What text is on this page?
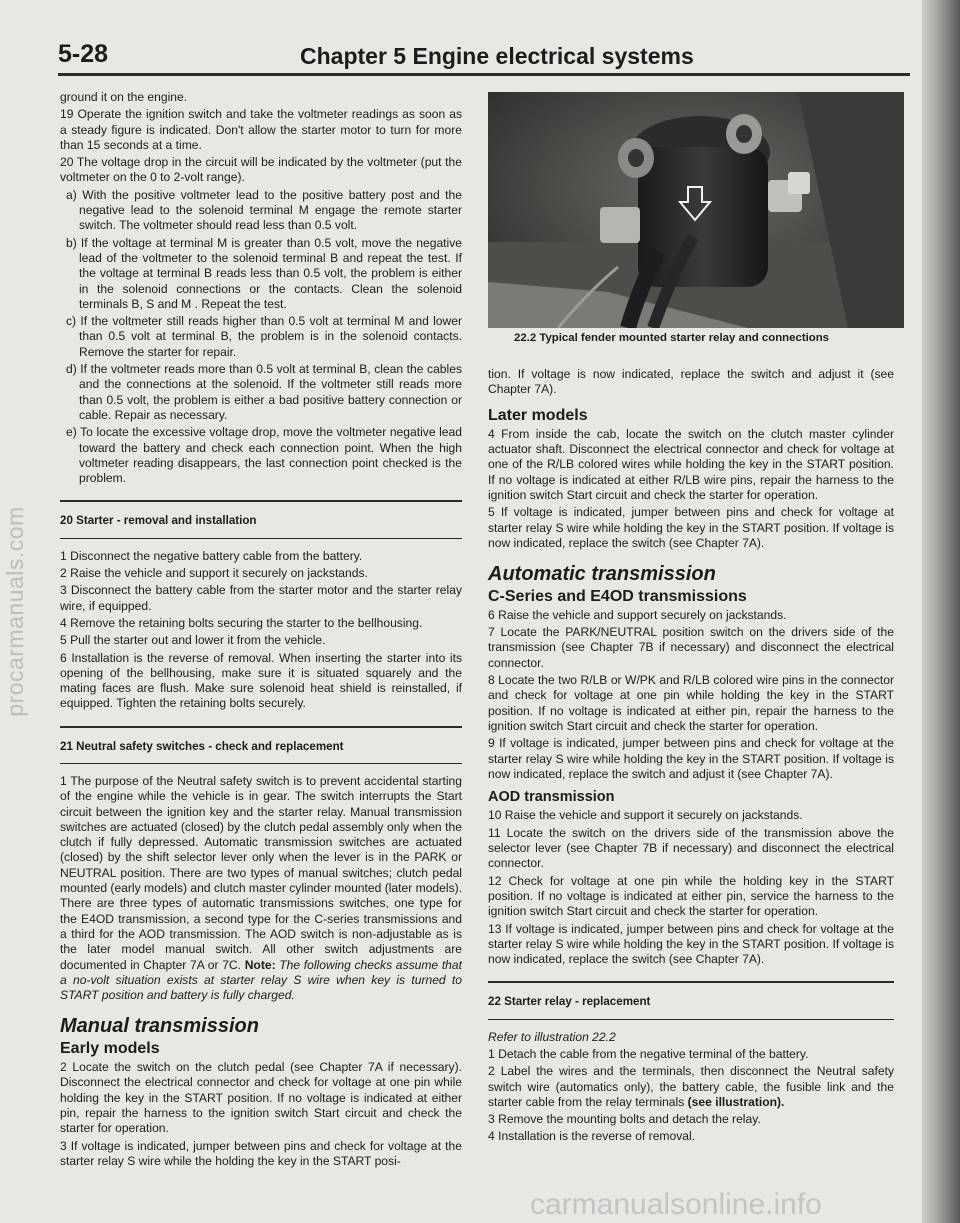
procarmanuals.com
5-28	Chapter 5 Engine electrical systems

ground it on the engine.

19 Operate the ignition switch and take the voltmeter readings as soon as a steady figure is indicated. Don't allow the starter motor to turn for more than 15 seconds at a time.

20 The voltage drop in the circuit will be indicated by the voltmeter (put the voltmeter on the 0 to 2-volt range).

a) With the positive voltmeter lead to the positive battery post and the negative lead to the solenoid terminal M engage the remote starter switch. The voltmeter should read less than 0.5 volt.

b) If the voltage at terminal M is greater than 0.5 volt, move the negative lead of the voltmeter to the solenoid terminal B and repeat the test. If the voltage at terminal B reads less than 0.5 volt, the problem is either in the solenoid connections or the contacts. Clean the solenoid terminals B, S and M . Repeat the test.

c) If the voltmeter still reads higher than 0.5 volt at terminal M and lower than 0.5 volt at terminal B, the problem is in the solenoid contacts. Remove the starter for repair.

d) If the voltmeter reads more than 0.5 volt at terminal B, clean the cables and the connections at the solenoid. If the voltmeter still reads more than 0.5 volt, the problem is either a bad positive battery connection or cable. Repair as necessary.

e) To locate the excessive voltage drop, move the voltmeter negative lead toward the battery and check each connection point. When the high voltmeter reading disappears, the last connection point checked is the problem.

20 Starter - removal and installation

1 Disconnect the negative battery cable from the battery.

2 Raise the vehicle and support it securely on jackstands.

3 Disconnect the battery cable from the starter motor and the starter relay wire, if equipped.

4 Remove the retaining bolts securing the starter to the bellhousing.

5 Pull the starter out and lower it from the vehicle.

6 Installation is the reverse of removal. When inserting the starter into its opening of the bellhousing, make sure it is situated squarely and the mating faces are flush. Make sure solenoid heat shield is reinstalled, if equipped. Tighten the retaining bolts securely.

21 Neutral safety switches - check and replacement

1 The purpose of the Neutral safety switch is to prevent accidental starting of the engine while the vehicle is in gear. The switch interrupts the Start circuit between the ignition key and the starter relay. Manual transmission switches are actuated (closed) by the clutch pedal assembly only when the clutch if fully depressed. Automatic transmission switches are actuated (closed) by the shift selector lever only when the lever is in the PARK or NEUTRAL position. There are two types of manual switches; clutch pedal mounted (early models) and clutch master cylinder mounted (later models). There are three types of automatic transmissions switches, one type for the E4OD transmission, a second type for the C-series transmissions and a third for the AOD transmission. The AOD switch is non-adjustable as is the later model manual switch. All other switch adjustments are documented in Chapter 7A or 7C. Note: The following checks assume that a no-volt situation exists at starter relay S wire when key is turned to START position and battery is fully charged.

Manual transmission
Early models

2 Locate the switch on the clutch pedal (see Chapter 7A if necessary). Disconnect the electrical connector and check for voltage at one pin while holding the key in the START position. If no voltage is indicated at either pin, repair the harness to the ignition switch Start circuit and check the starter for operation.

3 If voltage is indicated, jumper between pins and check for voltage at the starter relay S wire while the holding the key in the START posi-

22.2 Typical fender mounted starter relay and connections

tion. If voltage is now indicated, replace the switch and adjust it (see Chapter 7A).

Later models

4 From inside the cab, locate the switch on the clutch master cylinder actuator shaft. Disconnect the electrical connector and check for voltage at one of the R/LB colored wires while holding the key in the START position. If no voltage is indicated at either R/LB wire pins, repair the harness to the ignition switch Start circuit and check the starter for operation.

5 If voltage is indicated, jumper between pins and check for voltage at starter relay S wire while holding the key in the START position. If voltage is now indicated, replace the switch (see Chapter 7A).

Automatic transmission
C-Series and E4OD transmissions

6 Raise the vehicle and support securely on jackstands.

7 Locate the PARK/NEUTRAL position switch on the drivers side of the transmission (see Chapter 7B if necessary) and disconnect the electrical connector.

8 Locate the two R/LB or W/PK and R/LB colored wire pins in the connector and check for voltage at one pin while holding the key in the START position. If no voltage is indicated at either pin, repair the harness to the ignition switch Start circuit and check the starter for operation.

9 If voltage is indicated, jumper between pins and check for voltage at the starter relay S wire while holding the key in the START position. If voltage is now indicated, replace the switch and adjust it (see Chapter 7A).

AOD transmission

10 Raise the vehicle and support it securely on jackstands.

11 Locate the switch on the drivers side of the transmission above the selector lever (see Chapter 7B if necessary) and disconnect the electrical connector.

12 Check for voltage at one pin while the holding key in the START position. If no voltage is indicated at either pin, service the harness to the ignition switch Start circuit and check the starter for operation.

13 If voltage is indicated, jumper between pins and check for voltage at the starter relay S wire while holding the key in the START position. If voltage is now indicated, replace the switch (see Chapter 7A).

22 Starter relay - replacement

Refer to illustration 22.2

1 Detach the cable from the negative terminal of the battery.

2 Label the wires and the terminals, then disconnect the Neutral safety switch wire (automatics only), the battery cable, the fusible link and the starter cable from the relay terminals (see illustration).

3 Remove the mounting bolts and detach the relay.

4 Installation is the reverse of removal.

carmanualsonline.info
